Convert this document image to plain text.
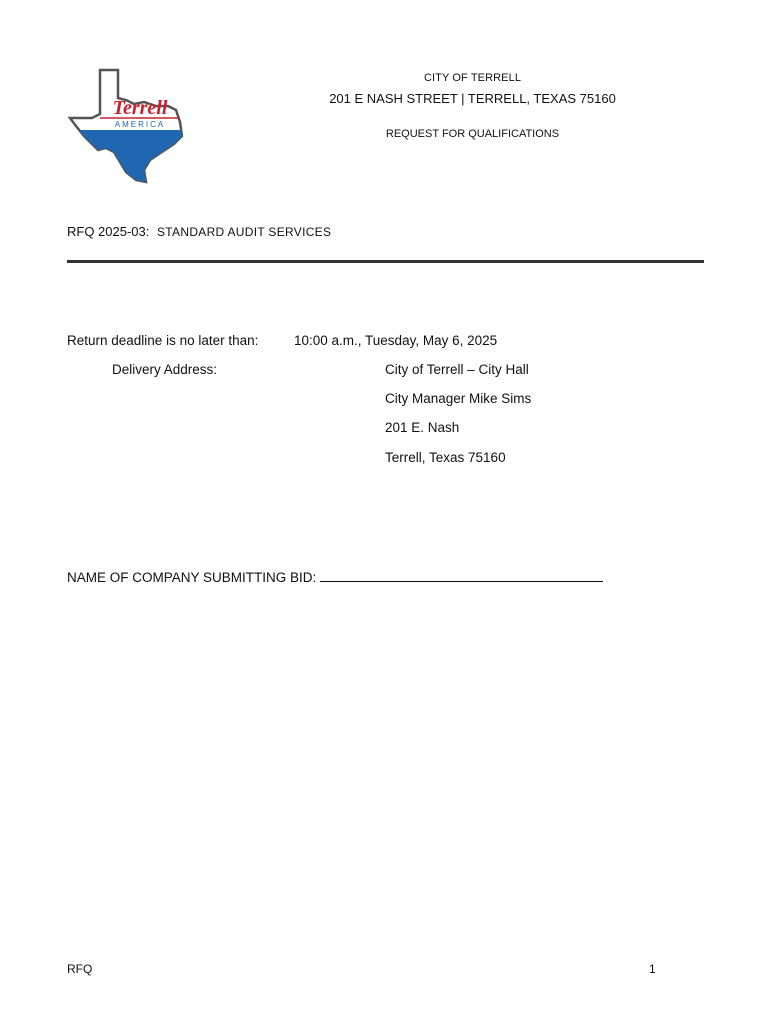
Terrell
AMERICA
CITY OF TERRELL
201 E NASH STREET | TERRELL, TEXAS 75160
REQUEST FOR QUALIFICATIONS
RFQ 2025-03: STANDARD AUDIT SERVICES
Return deadline is no later than:	10:00 a.m., Tuesday, May 6, 2025
Delivery Address:	City of Terrell – City Hall
City Manager Mike Sims
201 E. Nash
Terrell, Texas 75160
NAME OF COMPANY SUBMITTING BID:
RFQ	1
